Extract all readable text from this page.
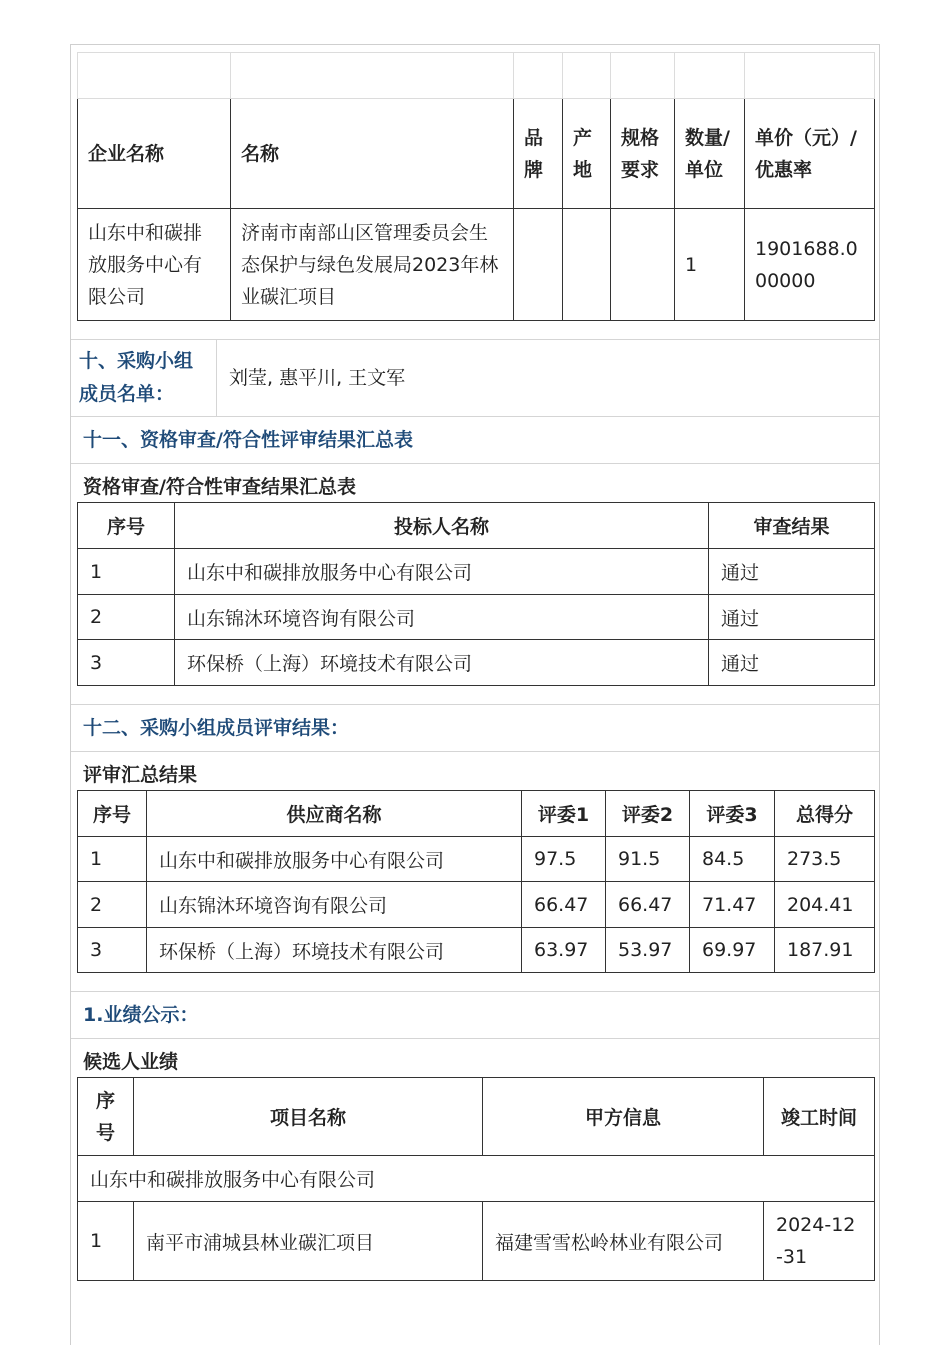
企业名称	名称	品牌	产地	规格要求	数量/单位	单价（元）/优惠率
山东中和碳排放服务中心有限公司	济南市南部山区管理委员会生态保护与绿色发展局2023年林业碳汇项目				1	1901688.000000
十、采购小组成员名单：
刘莹, 惠平川, 王文军
十一、资格审查/符合性评审结果汇总表
资格审查/符合性审查结果汇总表
序号	投标人名称	审查结果
1	山东中和碳排放服务中心有限公司	通过
2	山东锦沐环境咨询有限公司	通过
3	环保桥（上海）环境技术有限公司	通过
十二、采购小组成员评审结果：
评审汇总结果
序号	供应商名称	评委1	评委2	评委3	总得分
1	山东中和碳排放服务中心有限公司	97.5	91.5	84.5	273.5
2	山东锦沐环境咨询有限公司	66.47	66.47	71.47	204.41
3	环保桥（上海）环境技术有限公司	63.97	53.97	69.97	187.91
1.业绩公示：
候选人业绩
序号	项目名称	甲方信息	竣工时间
山东中和碳排放服务中心有限公司			
1	南平市浦城县林业碳汇项目	福建雪雪松岭林业有限公司	2024-12-31
